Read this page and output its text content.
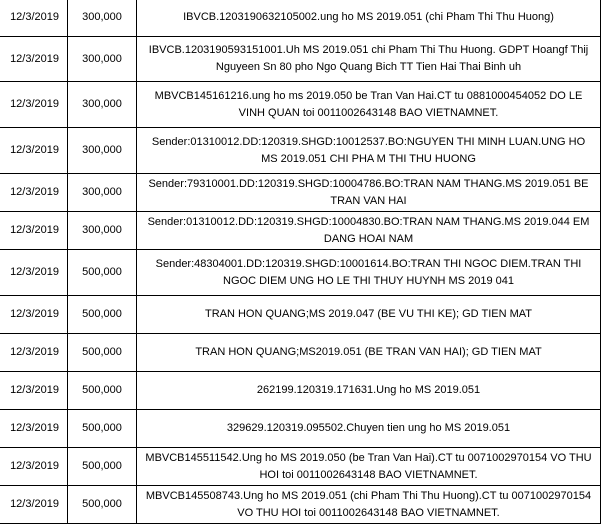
12/3/2019	300,000	IBVCB.1203190632105002.ung ho MS 2019.051 (chi Pham Thi Thu Huong)
12/3/2019	300,000	IBVCB.1203190593151001.Uh MS 2019.051 chi Pham Thi Thu Huong. GDPT Hoangf Thij Nguyeen Sn 80 pho Ngo Quang Bich TT Tien Hai Thai Binh uh
12/3/2019	300,000	MBVCB145161216.ung ho ms 2019.050 be Tran Van Hai.CT tu 0881000454052 DO LE VINH QUAN toi 0011002643148 BAO VIETNAMNET.
12/3/2019	300,000	Sender:01310012.DD:120319.SHGD:10012537.BO:NGUYEN THI MINH LUAN.UNG HO MS 2019.051 CHI PHA M THI THU HUONG
12/3/2019	300,000	Sender:79310001.DD:120319.SHGD:10004786.BO:TRAN NAM THANG.MS 2019.051 BE TRAN VAN HAI
12/3/2019	300,000	Sender:01310012.DD:120319.SHGD:10004830.BO:TRAN NAM THANG.MS 2019.044 EM DANG HOAI NAM
12/3/2019	500,000	Sender:48304001.DD:120319.SHGD:10001614.BO:TRAN THI NGOC DIEM.TRAN THI NGOC DIEM UNG HO LE THI THUY HUYNH MS 2019 041
12/3/2019	500,000	TRAN HON QUANG;MS 2019.047 (BE VU THI KE); GD TIEN MAT
12/3/2019	500,000	TRAN HON QUANG;MS2019.051 (BE TRAN VAN HAI); GD TIEN MAT
12/3/2019	500,000	262199.120319.171631.Ung ho MS 2019.051
12/3/2019	500,000	329629.120319.095502.Chuyen tien ung ho MS 2019.051
12/3/2019	500,000	MBVCB145511542.Ung ho MS 2019.050 (be Tran Van Hai).CT tu 0071002970154 VO THU HOI toi 0011002643148 BAO VIETNAMNET.
12/3/2019	500,000	MBVCB145508743.Ung ho MS 2019.051 (chi Pham Thi Thu Huong).CT tu 0071002970154 VO THU HOI toi 0011002643148 BAO VIETNAMNET.
